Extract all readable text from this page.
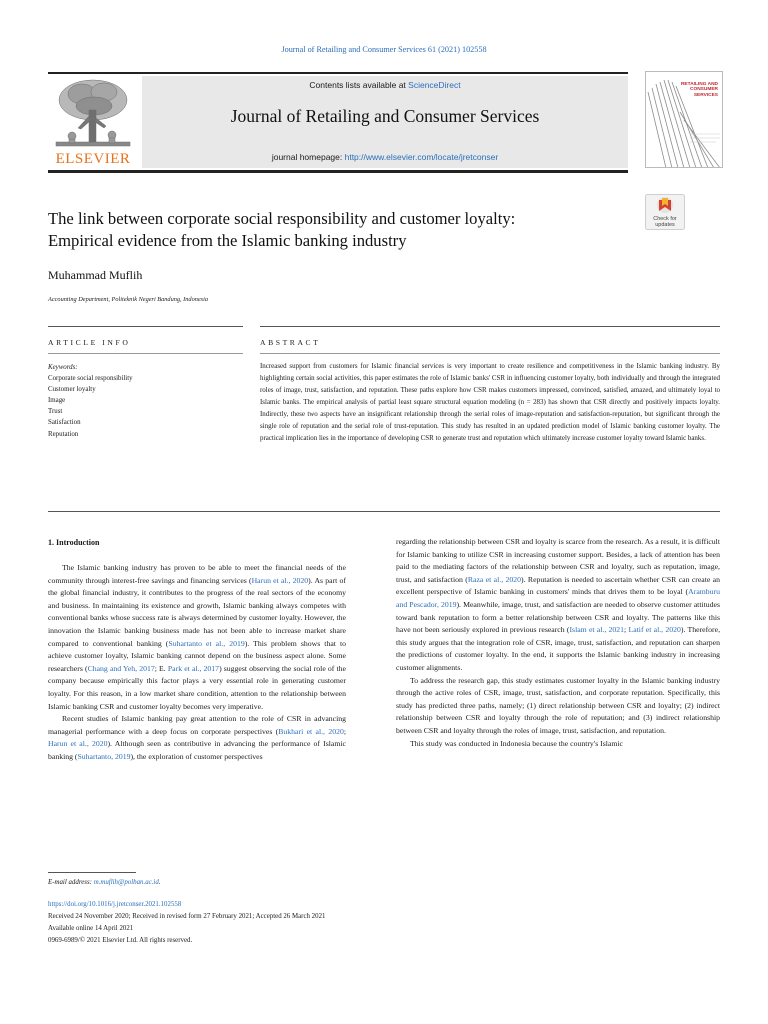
Journal of Retailing and Consumer Services 61 (2021) 102558
ELSEVIER
Contents lists available at ScienceDirect
Journal of Retailing and Consumer Services
journal homepage: http://www.elsevier.com/locate/jretconser
RETAILING AND CONSUMER SERVICES
The link between corporate social responsibility and customer loyalty:
Empirical evidence from the Islamic banking industry
Check for
updates
Muhammad Muflih
Accounting Department, Politeknik Negeri Bandung, Indonesia
ARTICLE INFO	ABSTRACT
Keywords:
Corporate social responsibility
Customer loyalty
Image
Trust
Satisfaction
Reputation
Increased support from customers for Islamic financial services is very important to create resilience and competitiveness in the Islamic banking industry. By highlighting certain social activities, this paper estimates the role of Islamic banks' CSR in influencing customer loyalty, both individually and through the integrated roles of image, trust, satisfaction, and reputation. These paths explore how CSR makes customers impressed, convinced, satisfied, amazed, and ultimately loyal to Islamic banks. The empirical analysis of partial least square structural equation modeling (n = 283) has shown that CSR directly and positively impacts loyalty. Indirectly, these two aspects have an insignificant relationship through the serial roles of image-reputation and satisfaction-reputation, but significant through the single role of reputation and the serial role of trust-reputation. This study has resulted in an updated prediction model of Islamic banking customer loyalty. The practical implication lies in the importance of developing CSR to generate trust and reputation which ultimately increase customer loyalty toward Islamic banks.
1. Introduction

The Islamic banking industry has proven to be able to meet the financial needs of the community through interest-free savings and financing services (Harun et al., 2020). As part of the global financial industry, it contributes to the progress of the real sectors of the economy and business. In maintaining its existence and growth, Islamic banking always competes with conventional banks whose success rate is always determined by customer loyalty. However, the innovation the Islamic banking business made has not been able to increase market share compared to conventional banking (Suhartanto et al., 2019). This problem shows that to achieve customer loyalty, Islamic banking cannot depend on the business aspect alone. Some researchers (Chang and Yeh, 2017; E. Park et al., 2017) suggest observing the social role of the company because empirically this factor plays a very essential role in generating customer loyalty. For this reason, in a low market share condition, attention to the relationship between Islamic banking CSR and customer loyalty becomes very imperative.

Recent studies of Islamic banking pay great attention to the role of CSR in advancing managerial performance with a deep focus on corporate perspectives (Bukhari et al., 2020; Harun et al., 2020). Although seen as contributive in advancing the performance of Islamic banking (Suhartanto, 2019), the exploration of customer perspectives

regarding the relationship between CSR and loyalty is scarce from the research. As a result, it is difficult for Islamic banking to utilize CSR in increasing customer support. Besides, a lack of attention has been paid to the mediating factors of the relationship between CSR and loyalty, such as reputation, image, trust, and satisfaction (Raza et al., 2020). Reputation is needed to ascertain whether CSR can create an excellent perspective of Islamic banking in customers' minds that drives them to be loyal (Aramburu and Pescador, 2019). Meanwhile, image, trust, and satisfaction are needed to observe customer attitudes toward bank reputation to form a better relationship between CSR and loyalty. The patterns like this have not been seriously explored in previous research (Islam et al., 2021; Latif et al., 2020). Therefore, this study argues that the integration role of CSR, image, trust, satisfaction, and reputation can sharpen the predictions of customer loyalty. In the end, it supports the Islamic banking industry in increasing customer alignments.

To address the research gap, this study estimates customer loyalty in the Islamic banking industry through the active roles of CSR, image, trust, satisfaction, and corporate reputation. Specifically, this study has predicted three paths, namely; (1) direct relationship between CSR and loyalty; (2) indirect relationship between CSR and loyalty through the role of reputation; and (3) indirect relationship between CSR and loyalty through the roles of image, trust, satisfaction, and reputation.

This study was conducted in Indonesia because the country's Islamic

E-mail address: m.muflih@polban.ac.id.
https://doi.org/10.1016/j.jretconser.2021.102558
Received 24 November 2020; Received in revised form 27 February 2021; Accepted 26 March 2021
Available online 14 April 2021
0969-6989/© 2021 Elsevier Ltd. All rights reserved.
